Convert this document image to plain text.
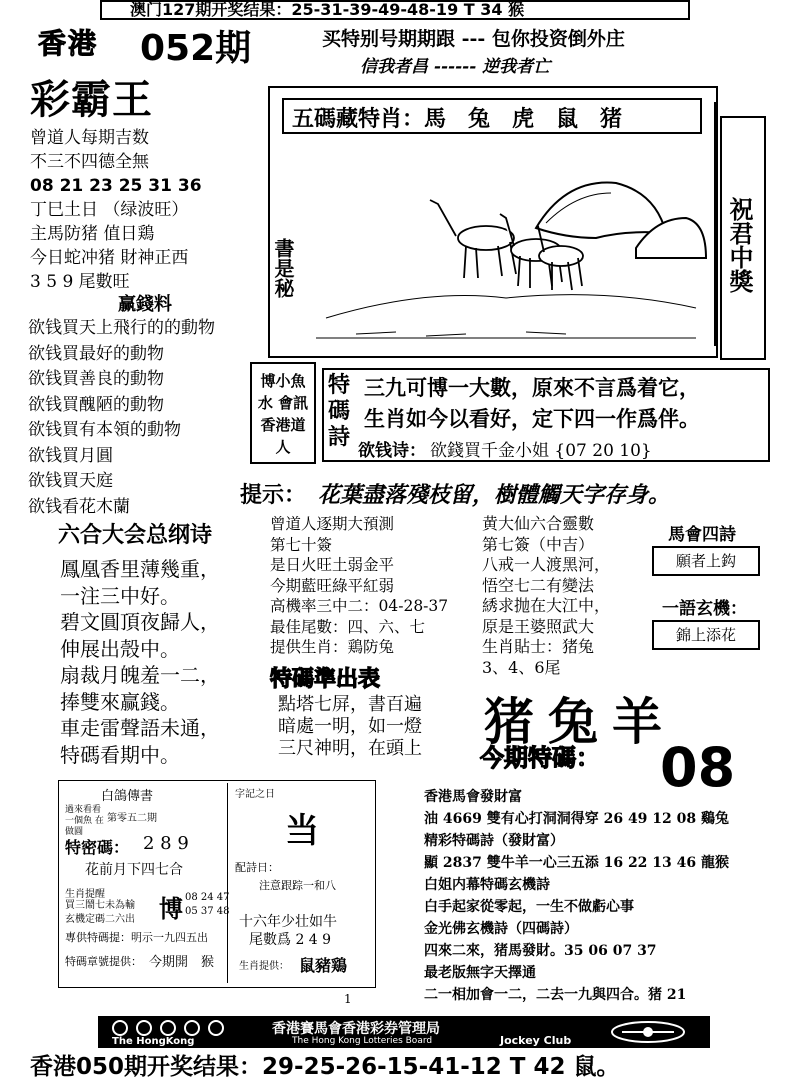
澳门127期开奖结果：25-31-39-49-48-19 T 34 猴
香港 052期
彩霸王
买特别号期期跟 --- 包你投资倒外庄
信我者昌 ------ 逆我者亡
曾道人每期吉数
不三不四德全無
08 21 23 25 31 36
丁巳土日 （绿波旺）
主馬防猪 值日鶏
今日蛇冲猪 財神正西
3 5 9 尾數旺
赢錢料
欲钱買天上飛行的的動物
欲钱買最好的動物
欲钱買善良的動物
欲钱買醜陋的動物
欲钱買有本領的動物
欲钱買月圓
欲钱買天庭
欲钱看花木蘭
五碼藏特肖：馬　兔　虎　鼠　猪
書是秘	祝君中獎
博小魚水 會訊 香港道人
特碼詩
三九可博一大數，原來不言爲着它，
生肖如今以看好，定下四一作爲伴。
欲钱诗： 欲錢買千金小姐 {07 20 10}
提示： 花葉盡落殘枝留，樹體觸天字存身。
六合大会总纲诗
鳳凰香里薄幾重，
一注三中好。
碧文圓頂夜歸人，
伸展出殼中。
扇裁月魄羞一二，
捧雙來赢錢。
車走雷聲語未通，
特碼看期中。
曾道人逐期大預測
第七十簽
是日火旺土弱金平
今期藍旺綠平紅弱
高機率三中二：04-28-37
最佳尾數：四、六、七
提供生肖：鶏防兔
黄大仙六合靈數
第七簽（中吉）
八戒一人渡黑河，
悟空七二有變法
綉求抛在大江中，
原是王婆照武大
生肖貼士：猪兔
3、4、6尾
馬會四詩
願者上鈎
一語玄機：
錦上添花
特碼準出表
點塔七屏，書百遍
暗處一明，如一燈
三尺神明，在頭上 猪兔羊
今期特碼： 08
白鴿傳書
過來看看 一個魚 在做圓
第零五二期
特密碼： 2 8 9
花前月下四七合
生肖提醒
買三鬧七未為輸
玄機定碼二六出 博 08 24 47
05 37 48
專供特碼提：明示一九四五出
特碼章號提供： 今期開　猴
字記之日
当
配詩日：
注意跟踪一和八
十六年少壮如牛
尾數爲 2 4 9
生肖提供： 鼠豬鶏
香港馬會發財富
油 4669 雙有心打洞洞得穿 26 49 12 08 鷄兔
精彩特碼詩（發財富）
顯 2837 雙牛羊一心三五添 16 22 13 46 龍猴
白姐内幕特碼玄機詩
白手起家從零起，一生不做虧心事
金光佛玄機詩（四碼詩）
四來二來，猪馬發財。35 06 07 37
最老版無字天擇通
二一相加會一二，二去一九與四合。猪 21
1
The HongKong
香港賽馬會香港彩券管理局
The Hong Kong Lotteries Board	Jockey Club
香港050期开奖结果：29-25-26-15-41-12 T 42 鼠。
